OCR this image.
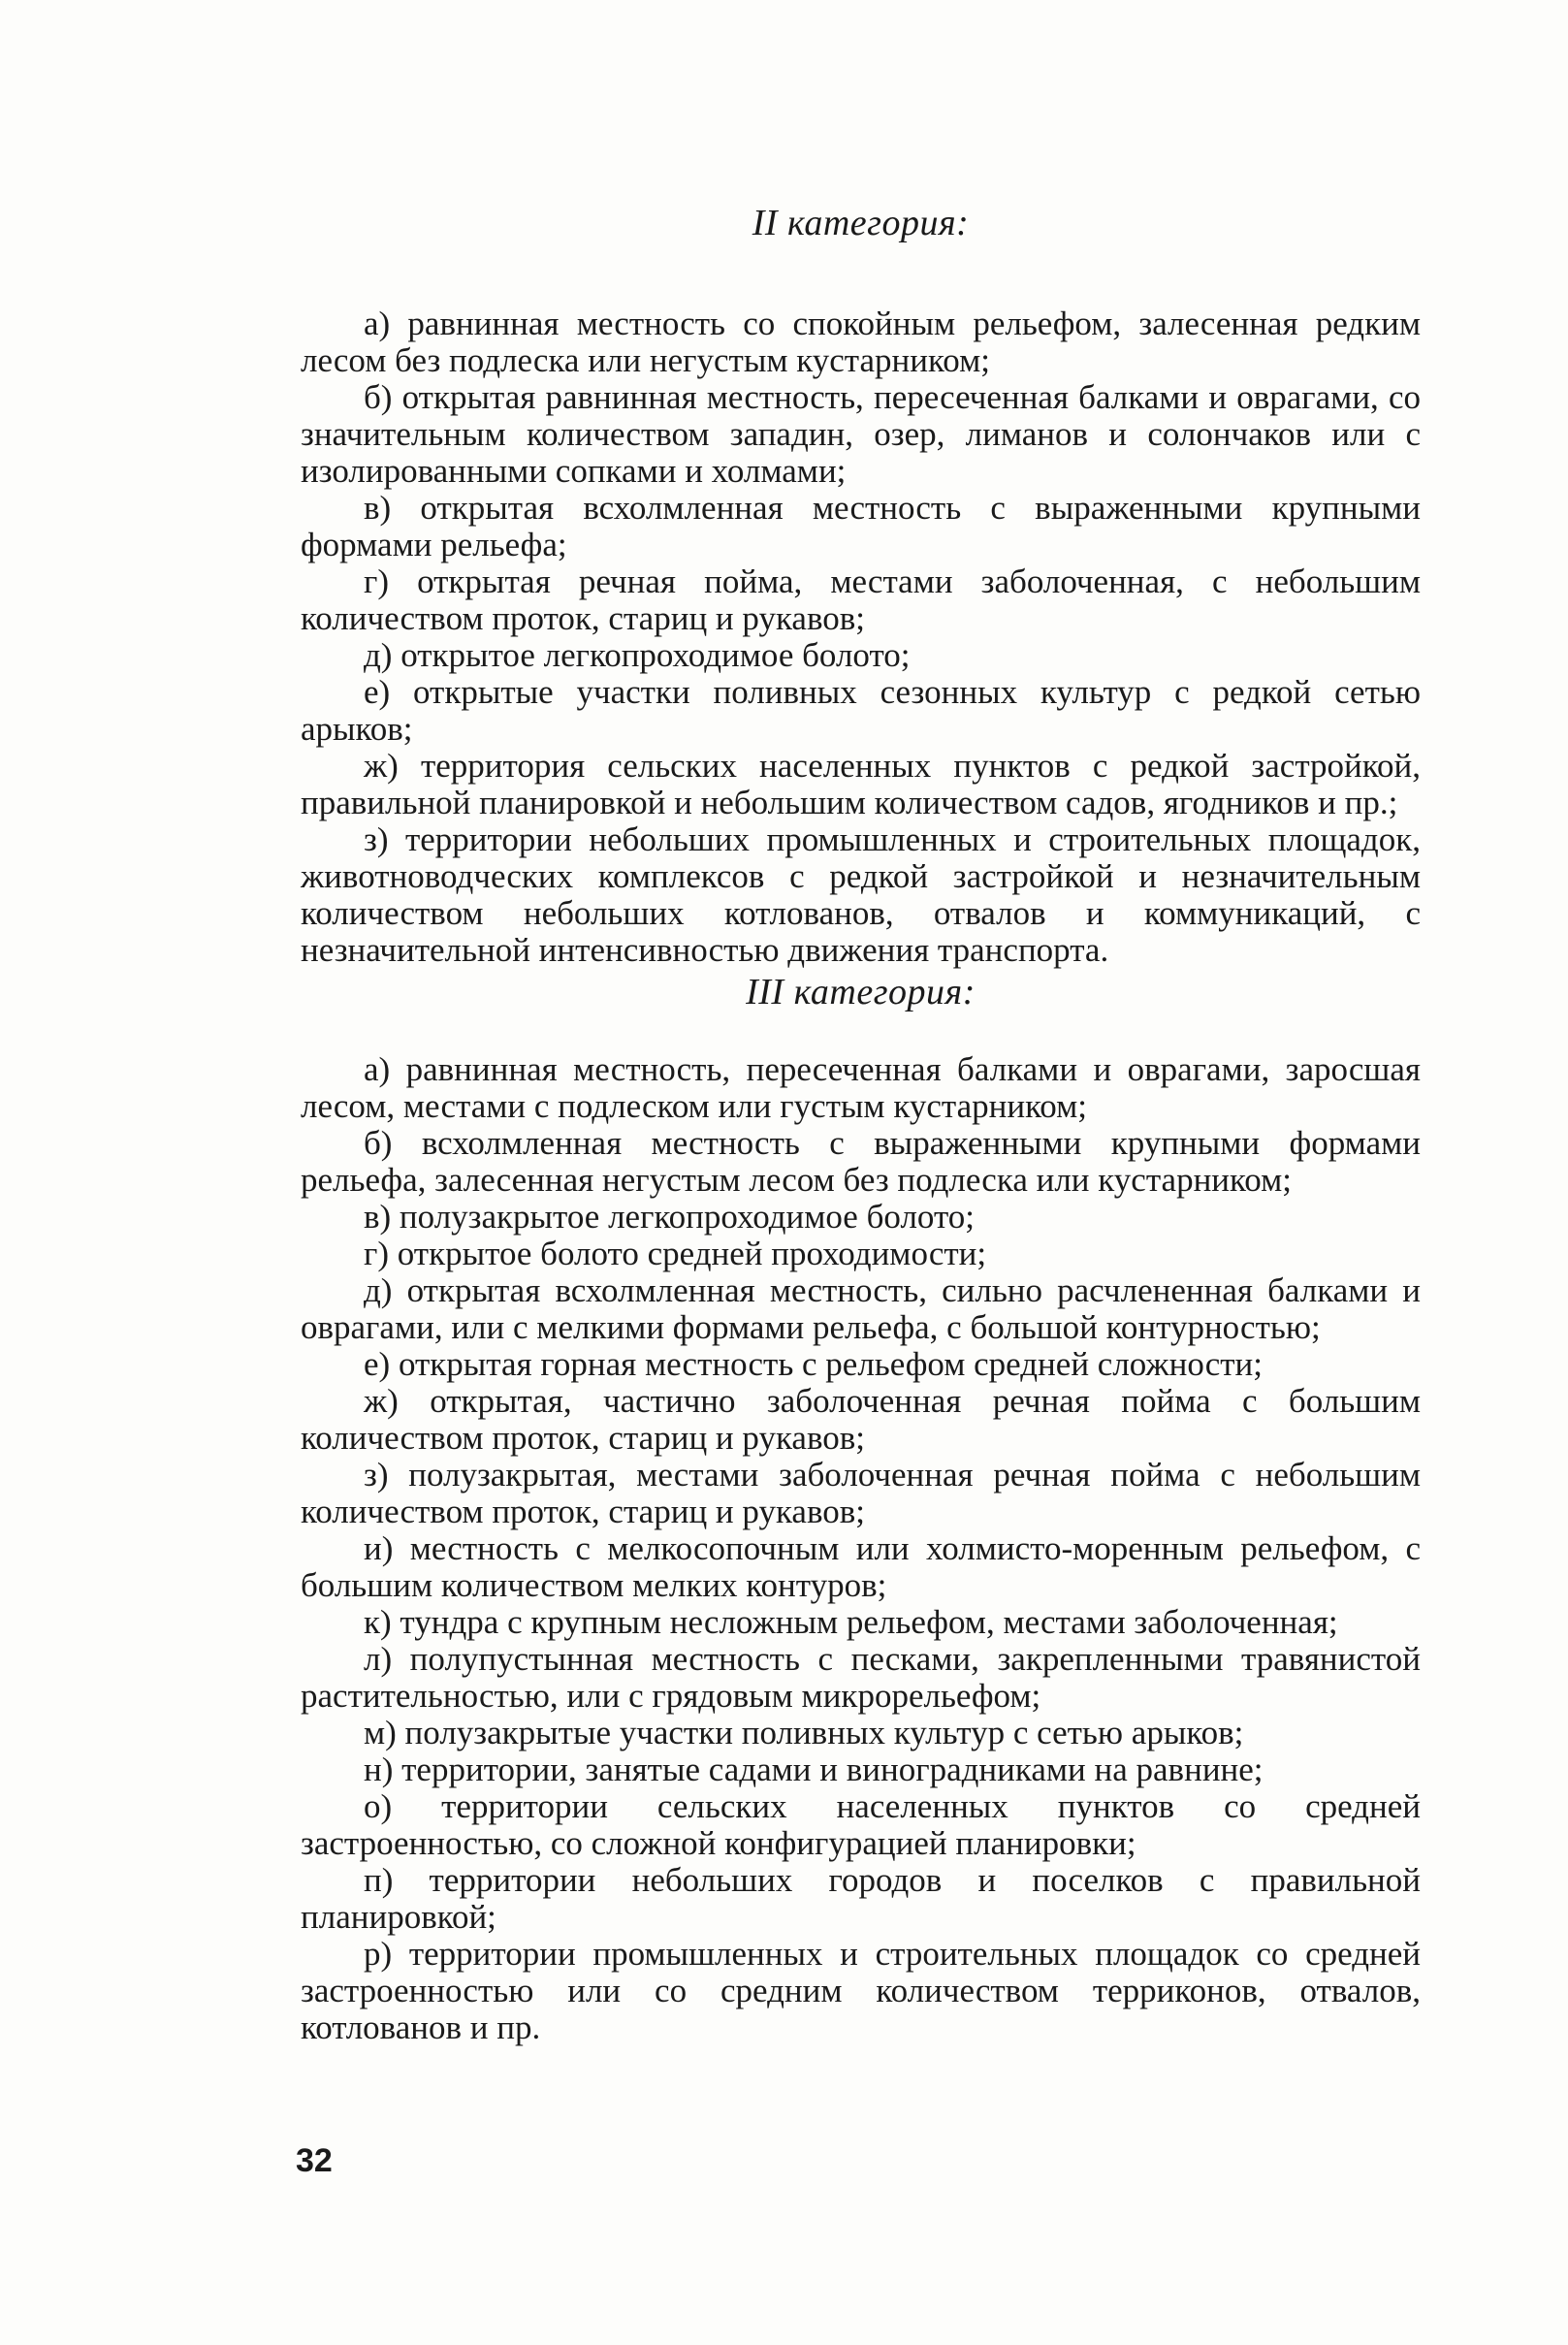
II категория:

а) равнинная местность со спокойным рельефом, залесенная редким лесом без подлеска или негустым кустарником;

б) открытая равнинная местность, пересеченная балками и оврагами, со значительным количеством западин, озер, лиманов и солончаков или с изолированными сопками и холмами;

в) открытая всхолмленная местность с выраженными крупными формами рельефа;

г) открытая речная пойма, местами заболоченная, с небольшим количеством проток, стариц и рукавов;

д) открытое легкопроходимое болото;

е) открытые участки поливных сезонных культур с редкой сетью арыков;

ж) территория сельских населенных пунктов с редкой застройкой, правильной планировкой и небольшим количеством садов, ягодников и пр.;

з) территории небольших промышленных и строительных площадок, животноводческих комплексов с редкой застройкой и незначительным количеством небольших котлованов, отвалов и коммуникаций, с незначительной интенсивностью движения транспорта.

III категория:

а) равнинная местность, пересеченная балками и оврагами, заросшая лесом, местами с подлеском или густым кустарником;

б) всхолмленная местность с выраженными крупными формами рельефа, залесенная негустым лесом без подлеска или кустарником;

в) полузакрытое легкопроходимое болото;

г) открытое болото средней проходимости;

д) открытая всхолмленная местность, сильно расчлененная балками и оврагами, или с мелкими формами рельефа, с большой контурностью;

е) открытая горная местность с рельефом средней сложности;

ж) открытая, частично заболоченная речная пойма с большим количеством проток, стариц и рукавов;

з) полузакрытая, местами заболоченная речная пойма с небольшим количеством проток, стариц и рукавов;

и) местность с мелкосопочным или холмисто-моренным рельефом, с большим количеством мелких контуров;

к) тундра с крупным несложным рельефом, местами заболоченная;

л) полупустынная местность с песками, закрепленными травянистой растительностью, или с грядовым микрорельефом;

м) полузакрытые участки поливных культур с сетью арыков;

н) территории, занятые садами и виноградниками на равнине;

о) территории сельских населенных пунктов со средней застроенностью, со сложной конфигурацией планировки;

п) территории небольших городов и поселков с правильной планировкой;

р) территории промышленных и строительных площадок со средней застроенностью или со средним количеством терриконов, отвалов, котлованов и пр.

32
